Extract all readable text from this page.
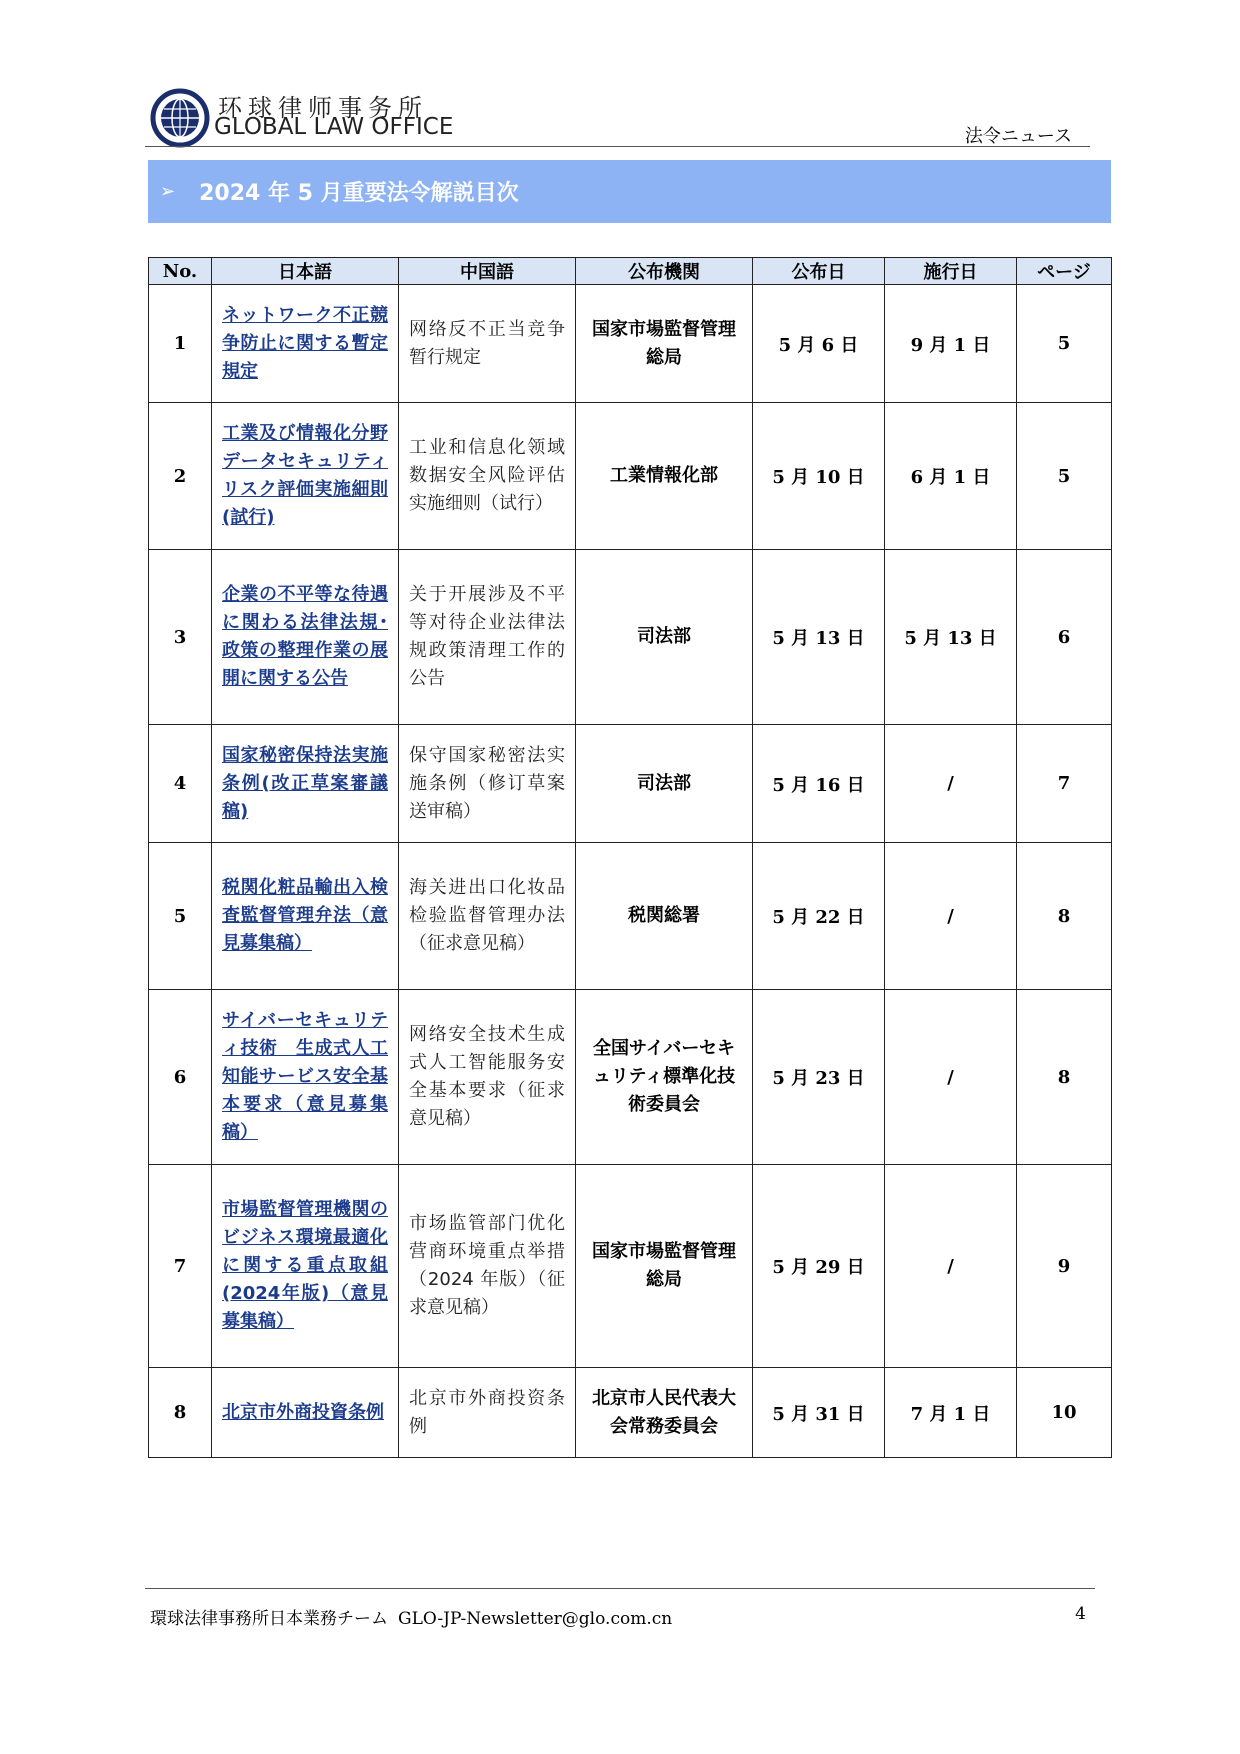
环球律师事务所
GLOBAL LAW OFFICE	法令ニュース
➢ 2024 年 5 月重要法令解説目次
No.	日本語	中国語	公布機関	公布日	施行日	ページ
1	ネットワーク不正競争防止に関する暫定規定	网络反不正当竞争暂行规定	国家市場監督管理総局	5 月 6 日	9 月 1 日	5
2	工業及び情報化分野データセキュリティリスク評価実施細則(試行)	工业和信息化领域数据安全风险评估实施细则（试行）	工業情報化部	5 月 10 日	6 月 1 日	5
3	企業の不平等な待遇に関わる法律法規･政策の整理作業の展開に関する公告	关于开展涉及不平等对待企业法律法规政策清理工作的公告	司法部	5 月 13 日	5 月 13 日	6
4	国家秘密保持法実施条例(改正草案審議稿)	保守国家秘密法实施条例（修订草案送审稿）	司法部	5 月 16 日	/	7
5	税関化粧品輸出入検査監督管理弁法（意見募集稿）	海关进出口化妆品检验监督管理办法（征求意见稿）	税関総署	5 月 22 日	/	8
6	サイバーセキュリティ技術　生成式人工知能サービス安全基本要求（意見募集稿）	网络安全技术生成式人工智能服务安全基本要求（征求意见稿）	全国サイバーセキュリティ標準化技術委員会	5 月 23 日	/	8
7	市場監督管理機関のビジネス環境最適化に関する重点取組(2024年版)（意見募集稿）	市场监管部门优化营商环境重点举措（2024 年版）（征求意见稿）	国家市場監督管理総局	5 月 29 日	/	9
8	北京市外商投資条例	北京市外商投资条例	北京市人民代表大会常務委員会	5 月 31 日	7 月 1 日	10
環球法律事務所日本業務チーム GLO-JP-Newsletter@glo.com.cn	4
